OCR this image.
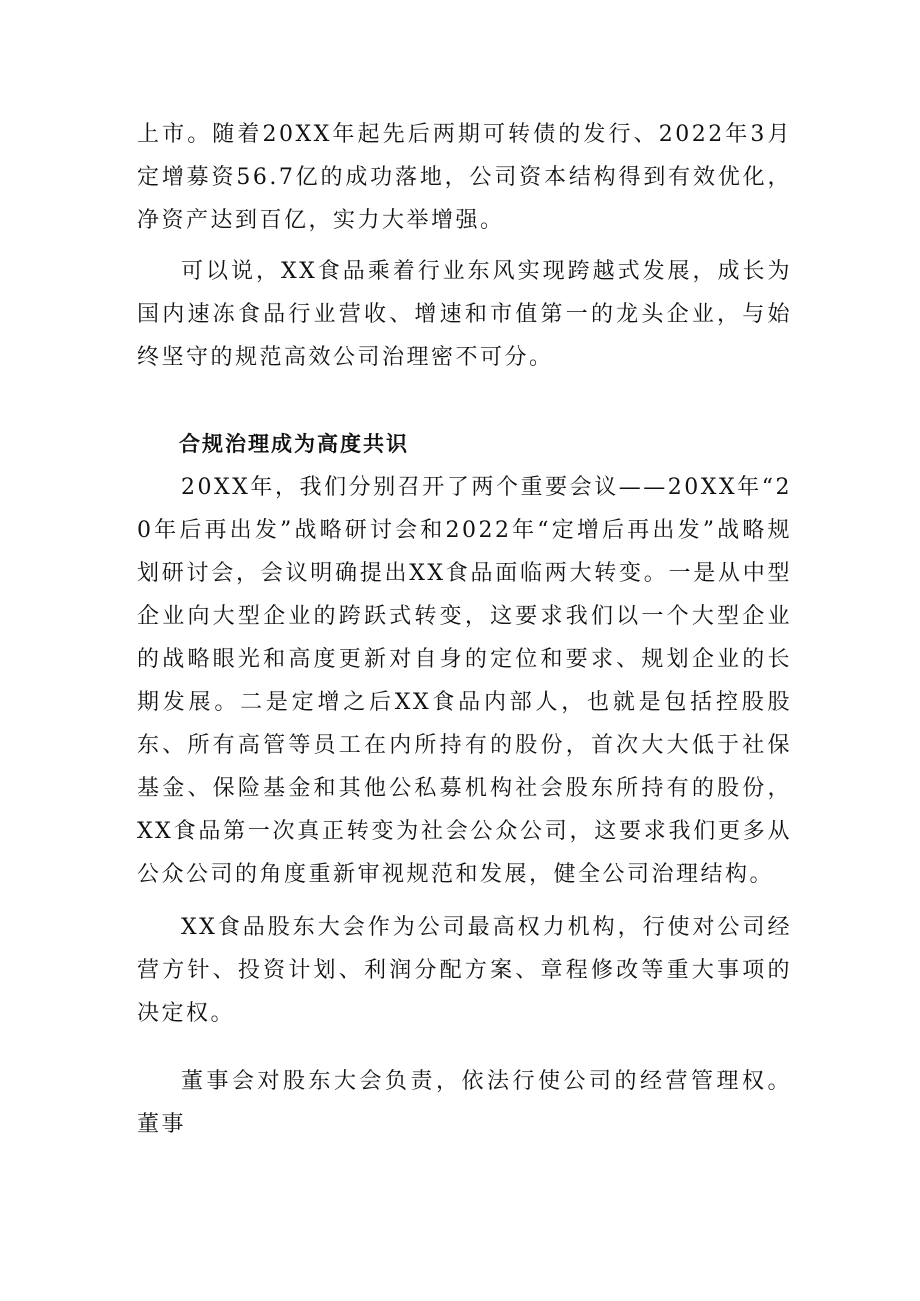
上市。随着20XX年起先后两期可转债的发行、2022年3月定增募资56.7亿的成功落地，公司资本结构得到有效优化，净资产达到百亿，实力大举增强。

可以说，XX食品乘着行业东风实现跨越式发展，成长为国内速冻食品行业营收、增速和市值第一的龙头企业，与始终坚守的规范高效公司治理密不可分。

合规治理成为高度共识

20XX年，我们分别召开了两个重要会议——20XX年“20年后再出发”战略研讨会和2022年“定增后再出发”战略规划研讨会，会议明确提出XX食品面临两大转变。一是从中型企业向大型企业的跨跃式转变，这要求我们以一个大型企业的战略眼光和高度更新对自身的定位和要求、规划企业的长期发展。二是定增之后XX食品内部人，也就是包括控股股东、所有高管等员工在内所持有的股份，首次大大低于社保基金、保险基金和其他公私募机构社会股东所持有的股份，XX食品第一次真正转变为社会公众公司，这要求我们更多从公众公司的角度重新审视规范和发展，健全公司治理结构。

XX食品股东大会作为公司最高权力机构，行使对公司经营方针、投资计划、利润分配方案、章程修改等重大事项的决定权。

董事会对股东大会负责，依法行使公司的经营管理权。董事
